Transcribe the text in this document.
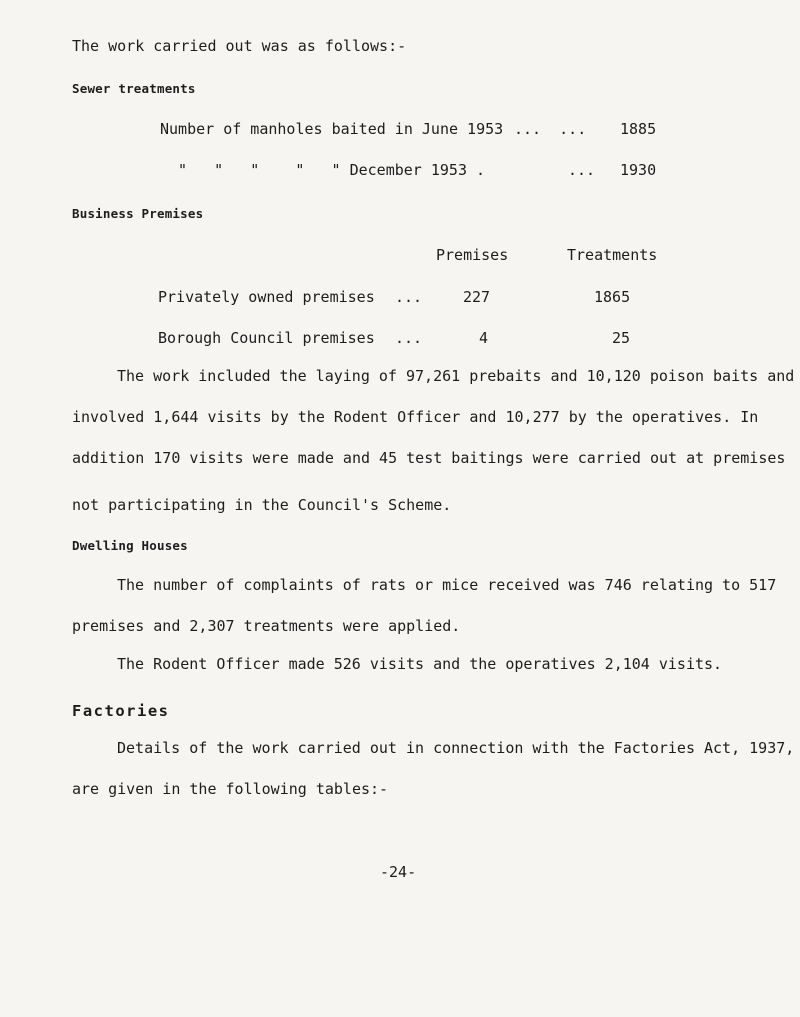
The work carried out was as follows:-
Sewer treatments
Number of manholes baited in June 1953 ...  ... 1885
"   "   "    "   " December 1953 .	... 1930
Business Premises
Premises	Treatments
Privately owned premises ...	227	1865
Borough Council premises ...	4	25
The work included the laying of 97,261 prebaits and 10,120 poison baits and
involved 1,644 visits by the Rodent Officer and 10,277 by the operatives. In
addition 170 visits were made and 45 test baitings were carried out at premises
not participating in the Council's Scheme.
Dwelling Houses
The number of complaints of rats or mice received was 746 relating to 517
premises and 2,307 treatments were applied.
The Rodent Officer made 526 visits and the operatives 2,104 visits.
Factories
Details of the work carried out in connection with the Factories Act, 1937,
are given in the following tables:-
-24-
